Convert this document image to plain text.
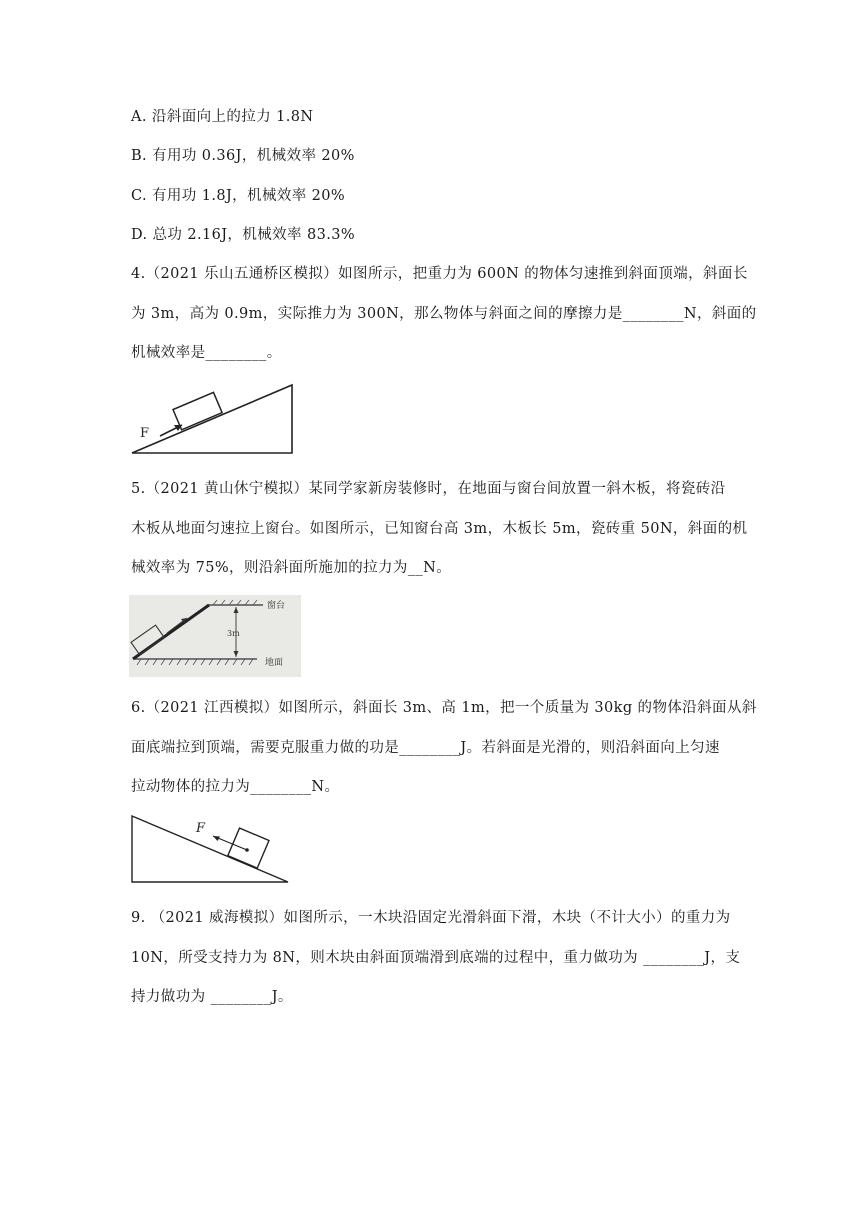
A. 沿斜面向上的拉力 1.8N
B. 有用功 0.36J，机械效率 20%
C. 有用功 1.8J，机械效率 20%
D. 总功 2.16J，机械效率 83.3%
4.（2021 乐山五通桥区模拟）如图所示，把重力为 600N 的物体匀速推到斜面顶端，斜面长
为 3m，高为 0.9m，实际推力为 300N，那么物体与斜面之间的摩擦力是________N，斜面的
机械效率是________。
F
5.（2021 黄山休宁模拟）某同学家新房装修时，在地面与窗台间放置一斜木板，将瓷砖沿
木板从地面匀速拉上窗台。如图所示，已知窗台高 3m，木板长 5m，瓷砖重 50N，斜面的机
械效率为 75%，则沿斜面所施加的拉力为__N。
3m
窗台
地面
6.（2021 江西模拟）如图所示，斜面长 3m、高 1m，把一个质量为 30kg 的物体沿斜面从斜
面底端拉到顶端，需要克服重力做的功是________J。若斜面是光滑的，则沿斜面向上匀速
拉动物体的拉力为________N。
F
9. （2021 威海模拟）如图所示，一木块沿固定光滑斜面下滑，木块（不计大小）的重力为
10N，所受支持力为 8N，则木块由斜面顶端滑到底端的过程中，重力做功为 ________J，支
持力做功为 ________J。
